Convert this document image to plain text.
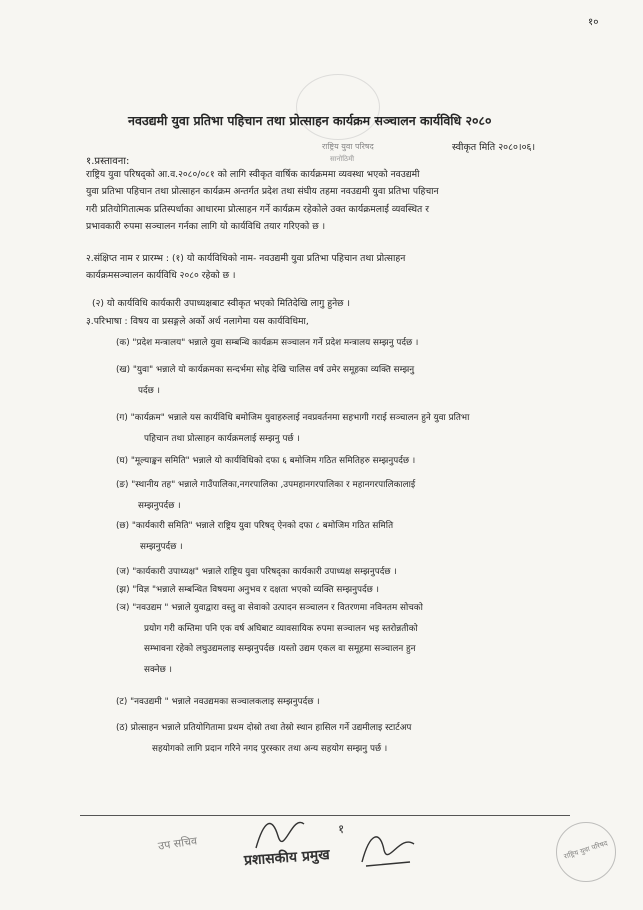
१०
नवउद्यमी युवा प्रतिभा पहिचान तथा प्रोत्साहन कार्यक्रम सञ्चालन कार्यविधि २०८०
राष्ट्रिय युवा परिषद
सानोठिमी
स्वीकृत मिति २०८०।०६।
१.प्रस्तावना:
राष्ट्रिय युवा परिषद्को आ.व.२०८०/०८१ को लागि स्वीकृत वार्षिक कार्यक्रममा व्यवस्था भएको नवउद्यमी
युवा प्रतिभा पहिचान तथा प्रोत्साहन कार्यक्रम अन्तर्गत प्रदेश तथा संघीय तहमा नवउद्यमी युवा प्रतिभा पहिचान
गरी प्रतियोगितात्मक प्रतिस्पर्धाका आधारमा प्रोत्साहन गर्ने कार्यक्रम रहेकोले उक्त कार्यक्रमलाई व्यवस्थित र
प्रभावकारी रुपमा सञ्चालन गर्नका लागि यो कार्यविधि तयार गरिएको छ ।
२.संक्षिप्त नाम र प्रारम्भ : (१) यो कार्यविधिको नाम- नवउद्यमी युवा प्रतिभा पहिचान तथा प्रोत्साहन
कार्यक्रमसञ्चालन कार्यविधि २०८० रहेको छ ।
(२) यो कार्यविधि कार्यकारी उपाध्यक्षबाट स्वीकृत भएको मितिदेखि लागु हुनेछ ।
३.परिभाषा : विषय वा प्रसङ्गले अर्को अर्थ नलागेमा यस कार्यविधिमा,
(क) "प्रदेश मन्त्रालय" भन्नाले युवा सम्बन्धि कार्यक्रम सञ्चालन गर्ने प्रदेश मन्त्रालय सम्झनु पर्दछ ।
(ख) "युवा" भन्नाले यो कार्यक्रमका सन्दर्भमा सोह्र देखि चालिस वर्ष उमेर समूहका व्यक्ति सम्झनु
पर्दछ ।
(ग) "कार्यक्रम" भन्नाले यस कार्यविधि बमोजिम युवाहरुलाई नवप्रवर्तनमा सहभागी गराई सञ्चालन हुने युवा प्रतिभा
पहिचान तथा प्रोत्साहन कार्यक्रमलाई सम्झनु पर्छ ।
(घ) "मूल्याङ्कन समिति" भन्नाले यो कार्यविधिको दफा ६ बमोजिम गठित समितिहरु सम्झनुपर्दछ ।
(ङ) "स्थानीय तह" भन्नाले गाउँपालिका,नगरपालिका ,उपमहानगरपालिका र महानगरपालिकालाई
सम्झनुपर्दछ ।
(छ) "कार्यकारी समिति" भन्नाले राष्ट्रिय युवा परिषद् ऐनको दफा ८ बमोजिम गठित समिति
सम्झनुपर्दछ ।
(ज) "कार्यकारी उपाध्यक्ष" भन्नाले राष्ट्रिय युवा परिषद्का कार्यकारी उपाध्यक्ष सम्झनुपर्दछ ।
(झ) "विज्ञ "भन्नाले सम्बन्धित विषयमा अनुभव र दक्षता भएको व्यक्ति सम्झनुपर्दछ ।
(ञ) "नवउद्यम " भन्नाले युवाद्वारा वस्तु वा सेवाको उत्पादन सञ्चालन र वितरणमा नविनतम सोचको
प्रयोग गरी कम्तिमा पनि एक वर्ष अघिबाट व्यावसायिक रुपमा सञ्चालन भइ स्तरोन्नतीको
सम्भावना रहेको लघुउद्यमलाइ सम्झनुपर्दछ ।यस्तो उद्यम एकल वा समूहमा सञ्चालन हुन
सक्नेछ ।
(ट) "नवउद्यमी " भन्नाले नवउद्यमका सञ्चालकलाइ सम्झनुपर्दछ ।
(ठ) प्रोत्साहन भन्नाले प्रतियोगितामा प्रथम दोस्रो तथा तेस्रो स्थान हासिल गर्ने उद्यमीलाइ स्टार्टअप
सहयोगको लागि प्रदान गरिने नगद पुरस्कार तथा अन्य सहयोग सम्झनु पर्छ ।
उप सचिव
प्रशासकीय प्रमुख
१
राष्ट्रिय युवा परिषद
